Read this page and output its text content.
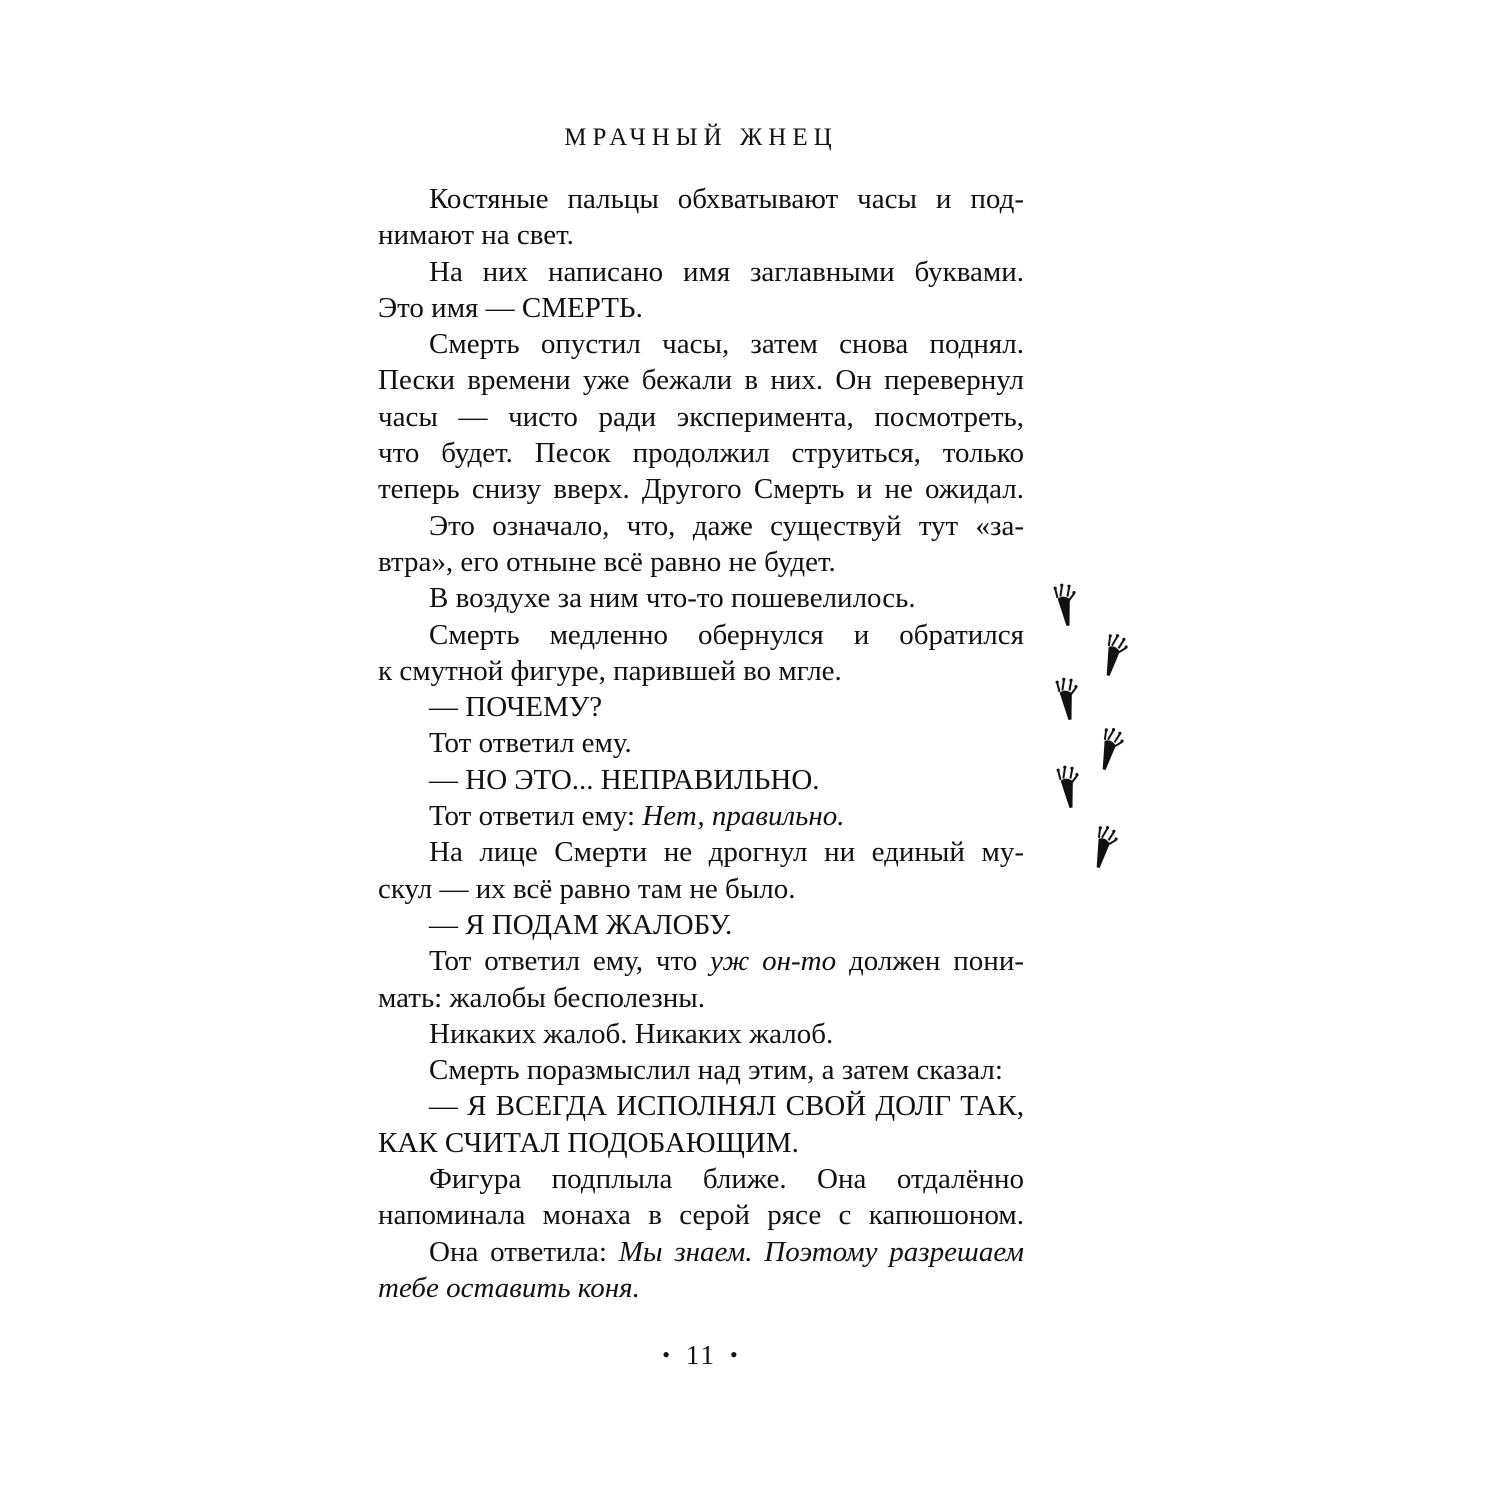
МРАЧНЫЙ ЖНЕЦ
Костяные пальцы обхватывают часы и под-
нимают на свет.
На них написано имя заглавными буквами.
Это имя — СМЕРТЬ.
Смерть опустил часы, затем снова поднял.
Пески времени уже бежали в них. Он перевернул
часы — чисто ради эксперимента, посмотреть,
что будет. Песок продолжил струиться, только
теперь снизу вверх. Другого Смерть и не ожидал.
Это означало, что, даже существуй тут «за-
втра», его отныне всё равно не будет.
В воздухе за ним что-то пошевелилось.
Смерть медленно обернулся и обратился
к смутной фигуре, парившей во мгле.
— ПОЧЕМУ?
Тот ответил ему.
— НО ЭТО... НЕПРАВИЛЬНО.
Тот ответил ему: Нет, правильно.
На лице Смерти не дрогнул ни единый му-
скул — их всё равно там не было.
— Я ПОДАМ ЖАЛОБУ.
Тот ответил ему, что уж он-то должен пони-
мать: жалобы бесполезны.
Никаких жалоб. Никаких жалоб.
Смерть поразмыслил над этим, а затем сказал:
— Я ВСЕГДА ИСПОЛНЯЛ СВОЙ ДОЛГ ТАК,
КАК СЧИТАЛ ПОДОБАЮЩИМ.
Фигура подплыла ближе. Она отдалённо
напоминала монаха в серой рясе с капюшоном.
Она ответила: Мы знаем. Поэтому разрешаем
тебе оставить коня.
• 11 •
